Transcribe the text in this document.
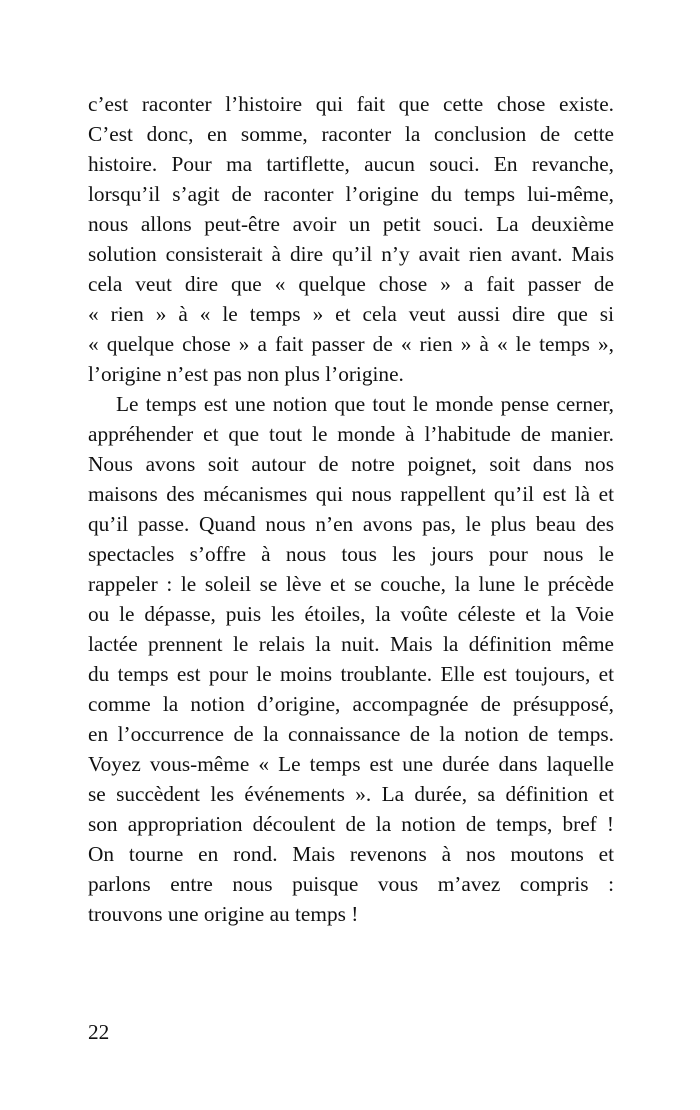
c’est raconter l’histoire qui fait que cette chose existe.
C’est donc, en somme, raconter la conclusion de cette
histoire. Pour ma tartiflette, aucun souci. En revanche,
lorsqu’il s’agit de raconter l’origine du temps lui-même,
nous allons peut-être avoir un petit souci. La deuxième
solution consisterait à dire qu’il n’y avait rien avant. Mais
cela veut dire que « quelque chose » a fait passer de
« rien » à « le temps » et cela veut aussi dire que si
« quelque chose » a fait passer de « rien » à « le temps »,
l’origine n’est pas non plus l’origine.
Le temps est une notion que tout le monde pense cerner,
appréhender et que tout le monde à l’habitude de manier.
Nous avons soit autour de notre poignet, soit dans nos
maisons des mécanismes qui nous rappellent qu’il est là et
qu’il passe. Quand nous n’en avons pas, le plus beau des
spectacles s’offre à nous tous les jours pour nous le
rappeler : le soleil se lève et se couche, la lune le précède
ou le dépasse, puis les étoiles, la voûte céleste et la Voie
lactée prennent le relais la nuit. Mais la définition même
du temps est pour le moins troublante. Elle est toujours, et
comme la notion d’origine, accompagnée de présupposé,
en l’occurrence de la connaissance de la notion de temps.
Voyez vous-même « Le temps est une durée dans laquelle
se succèdent les événements ». La durée, sa définition et
son appropriation découlent de la notion de temps, bref !
On tourne en rond. Mais revenons à nos moutons et
parlons entre nous puisque vous m’avez compris :
trouvons une origine au temps !
22
